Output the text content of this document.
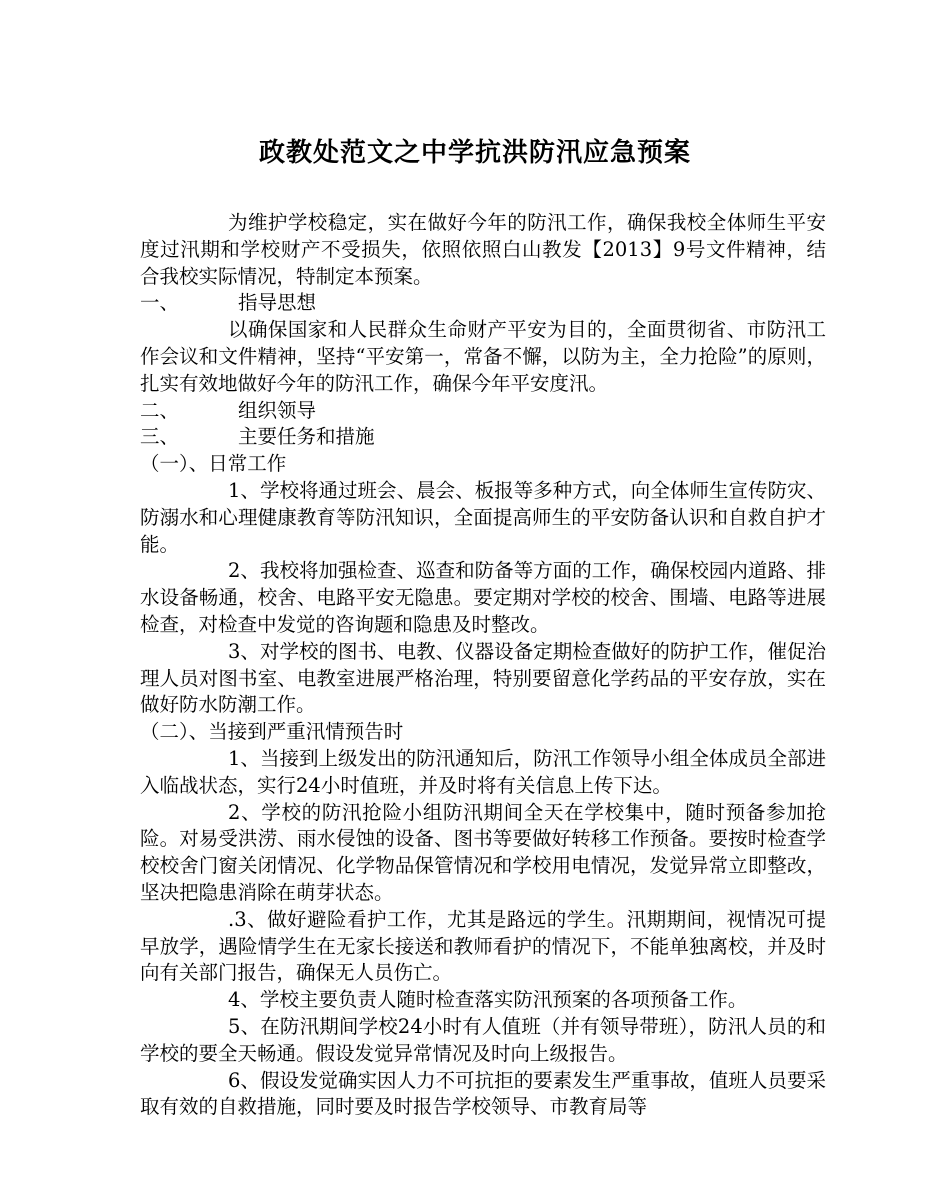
政教处范文之中学抗洪防汛应急预案

为维护学校稳定，实在做好今年的防汛工作，确保我校全体师生平安度过汛期和学校财产不受损失，依照依照白山教发【2013】9号文件精神，结合我校实际情况，特制定本预案。

一、	指导思想

以确保国家和人民群众生命财产平安为目的，全面贯彻省、市防汛工作会议和文件精神，坚持“平安第一，常备不懈，以防为主，全力抢险”的原则，扎实有效地做好今年的防汛工作，确保今年平安度汛。

二、	组织领导

三、	主要任务和措施

（一）、日常工作

1、学校将通过班会、晨会、板报等多种方式，向全体师生宣传防灾、防溺水和心理健康教育等防汛知识，全面提高师生的平安防备认识和自救自护才能。

2、我校将加强检查、巡查和防备等方面的工作，确保校园内道路、排水设备畅通，校舍、电路平安无隐患。要定期对学校的校舍、围墙、电路等进展检查，对检查中发觉的咨询题和隐患及时整改。

3、对学校的图书、电教、仪器设备定期检查做好的防护工作，催促治理人员对图书室、电教室进展严格治理，特别要留意化学药品的平安存放，实在做好防水防潮工作。

（二）、当接到严重汛情预告时

1、当接到上级发出的防汛通知后，防汛工作领导小组全体成员全部进入临战状态，实行24小时值班，并及时将有关信息上传下达。

2、学校的防汛抢险小组防汛期间全天在学校集中，随时预备参加抢险。对易受洪涝、雨水侵蚀的设备、图书等要做好转移工作预备。要按时检查学校校舍门窗关闭情况、化学物品保管情况和学校用电情况，发觉异常立即整改，坚决把隐患消除在萌芽状态。

.3、做好避险看护工作，尤其是路远的学生。汛期期间，视情况可提早放学，遇险情学生在无家长接送和教师看护的情况下，不能单独离校，并及时向有关部门报告，确保无人员伤亡。

4、学校主要负责人随时检查落实防汛预案的各项预备工作。

5、在防汛期间学校24小时有人值班（并有领导带班），防汛人员的和学校的要全天畅通。假设发觉异常情况及时向上级报告。

6、假设发觉确实因人力不可抗拒的要素发生严重事故，值班人员要采取有效的自救措施，同时要及时报告学校领导、市教育局等
